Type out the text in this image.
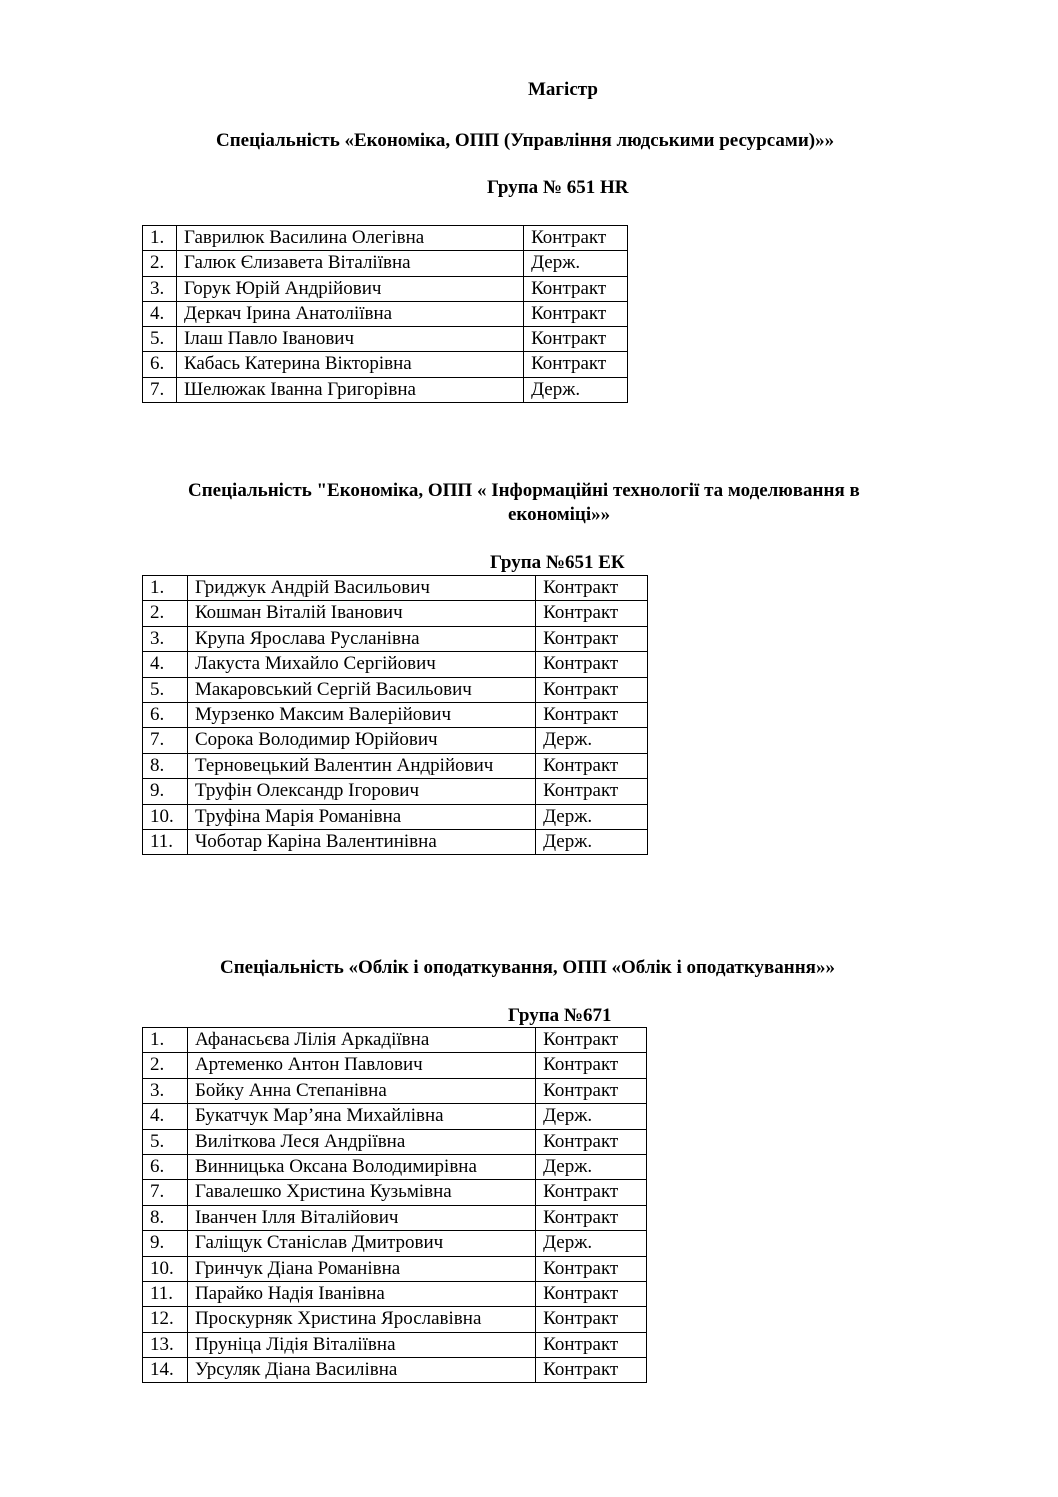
Магістр
Спеціальність «Економіка, ОПП (Управління людськими ресурсами)»»
Група № 651 HR
1.	Гаврилюк Василина Олегівна	Контракт
2.	Галюк Єлизавета Віталіївна	Держ.
3.	Горук Юрій Андрійович	Контракт
4.	Деркач Ірина Анатоліївна	Контракт
5.	Ілаш Павло Іванович	Контракт
6.	Кабась Катерина Вікторівна	Контракт
7.	Шелюжак Іванна Григорівна	Держ.
Спеціальність "Економіка, ОПП « Інформаційні технології та моделювання в
економіці»»
Група №651 ЕК
1.	Гриджук Андрій Васильович	Контракт
2.	Кошман Віталій Іванович	Контракт
3.	Крупа Ярослава Русланівна	Контракт
4.	Лакуста Михайло Сергійович	Контракт
5.	Макаровський Сергій Васильович	Контракт
6.	Мурзенко Максим Валерійович	Контракт
7.	Сорока Володимир Юрійович	Держ.
8.	Терновецький Валентин Андрійович	Контракт
9.	Труфін Олександр Ігорович	Контракт
10.	Труфіна Марія Романівна	Держ.
11.	Чоботар Каріна Валентинівна	Держ.
Спеціальність «Облік і оподаткування, ОПП «Облік і оподаткування»»
Група №671
1.	Афанасьєва Лілія Аркадіївна	Контракт
2.	Артеменко Антон Павлович	Контракт
3.	Бойку Анна Степанівна	Контракт
4.	Букатчук Мар’яна Михайлівна	Держ.
5.	Виліткова Леся Андріївна	Контракт
6.	Винницька Оксана Володимирівна	Держ.
7.	Гавалешко Христина Кузьмівна	Контракт
8.	Іванчен Ілля Віталійович	Контракт
9.	Галіщук Станіслав Дмитрович	Держ.
10.	Гринчук Діана Романівна	Контракт
11.	Парайко Надія Іванівна	Контракт
12.	Проскурняк Христина Ярославівна	Контракт
13.	Пруніца Лідія Віталіївна	Контракт
14.	Урсуляк Діана Василівна	Контракт
